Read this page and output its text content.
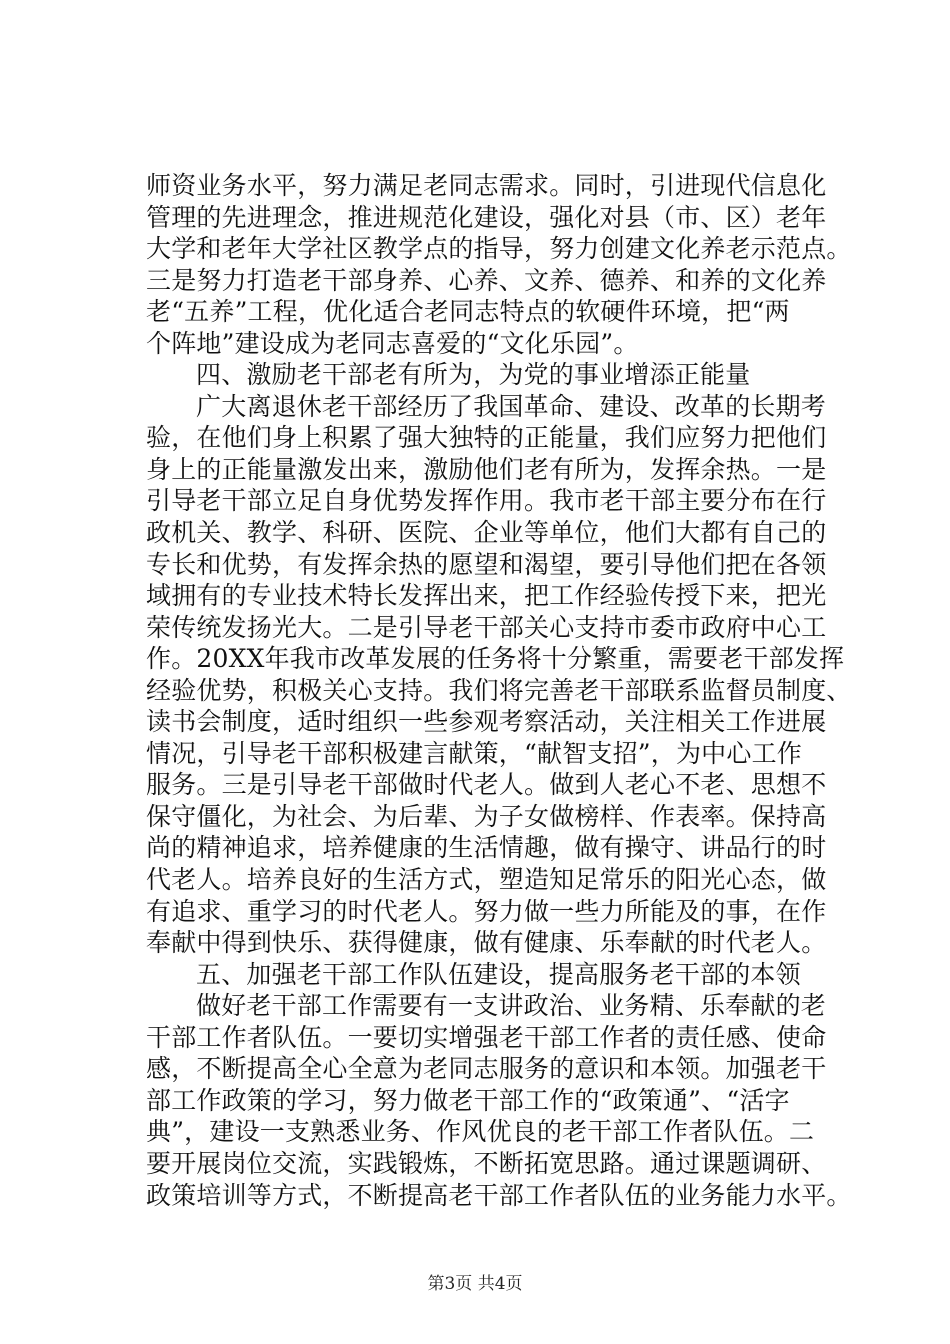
师资业务水平，努力满足老同志需求。同时，引进现代信息化
管理的先进理念，推进规范化建设，强化对县（市、区）老年
大学和老年大学社区教学点的指导，努力创建文化养老示范点。
三是努力打造老干部身养、心养、文养、德养、和养的文化养
老“五养”工程，优化适合老同志特点的软硬件环境，把“两
个阵地”建设成为老同志喜爱的“文化乐园”。
四、激励老干部老有所为，为党的事业增添正能量
广大离退休老干部经历了我国革命、建设、改革的长期考
验，在他们身上积累了强大独特的正能量，我们应努力把他们
身上的正能量激发出来，激励他们老有所为，发挥余热。一是
引导老干部立足自身优势发挥作用。我市老干部主要分布在行
政机关、教学、科研、医院、企业等单位，他们大都有自己的
专长和优势，有发挥余热的愿望和渴望，要引导他们把在各领
域拥有的专业技术特长发挥出来，把工作经验传授下来，把光
荣传统发扬光大。二是引导老干部关心支持市委市政府中心工
作。20XX年我市改革发展的任务将十分繁重，需要老干部发挥
经验优势，积极关心支持。我们将完善老干部联系监督员制度、
读书会制度，适时组织一些参观考察活动，关注相关工作进展
情况，引导老干部积极建言献策，“献智支招”，为中心工作
服务。三是引导老干部做时代老人。做到人老心不老、思想不
保守僵化，为社会、为后辈、为子女做榜样、作表率。保持高
尚的精神追求，培养健康的生活情趣，做有操守、讲品行的时
代老人。培养良好的生活方式，塑造知足常乐的阳光心态，做
有追求、重学习的时代老人。努力做一些力所能及的事，在作
奉献中得到快乐、获得健康，做有健康、乐奉献的时代老人。
五、加强老干部工作队伍建设，提高服务老干部的本领
做好老干部工作需要有一支讲政治、业务精、乐奉献的老
干部工作者队伍。一要切实增强老干部工作者的责任感、使命
感，不断提高全心全意为老同志服务的意识和本领。加强老干
部工作政策的学习，努力做老干部工作的“政策通”、“活字
典”，建设一支熟悉业务、作风优良的老干部工作者队伍。二
要开展岗位交流，实践锻炼，不断拓宽思路。通过课题调研、
政策培训等方式，不断提高老干部工作者队伍的业务能力水平。
第3页 共4页
